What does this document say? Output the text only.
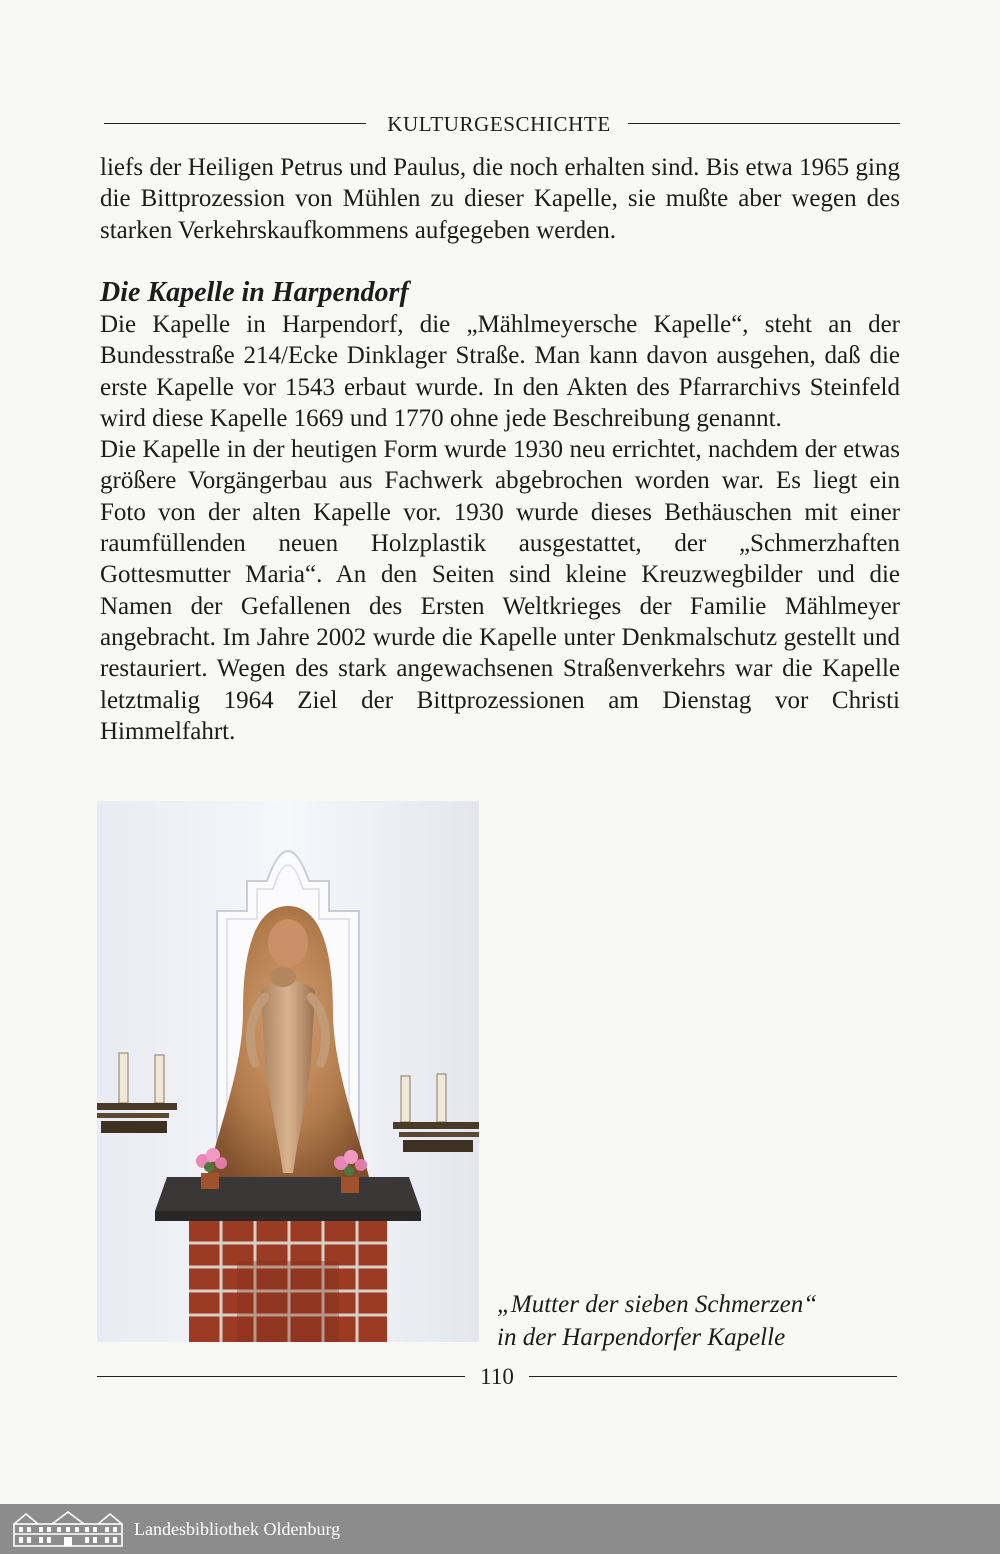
KULTURGESCHICHTE

liefs der Heiligen Petrus und Paulus, die noch erhalten sind. Bis etwa 1965 ging die Bittprozession von Mühlen zu dieser Kapelle, sie mußte aber wegen des starken Verkehrskaufkommens aufgegeben werden.

Die Kapelle in Harpendorf

Die Kapelle in Harpendorf, die „Mählmeyersche Kapelle“, steht an der Bundesstraße 214/Ecke Dinklager Straße. Man kann davon ausgehen, daß die erste Kapelle vor 1543 erbaut wurde. In den Akten des Pfarrarchivs Steinfeld wird diese Kapelle 1669 und 1770 ohne jede Beschreibung genannt.

Die Kapelle in der heutigen Form wurde 1930 neu errichtet, nachdem der etwas größere Vorgängerbau aus Fachwerk abgebrochen worden war. Es liegt ein Foto von der alten Kapelle vor. 1930 wurde dieses Bethäuschen mit einer raumfüllenden neuen Holzplastik ausgestattet, der „Schmerzhaften Gottesmutter Maria“. An den Seiten sind kleine Kreuzwegbilder und die Namen der Gefallenen des Ersten Weltkrieges der Familie Mählmeyer angebracht. Im Jahre 2002 wurde die Kapelle unter Denkmalschutz gestellt und restauriert. Wegen des stark angewachsenen Straßenverkehrs war die Kapelle letztmalig 1964 Ziel der Bittprozessionen am Dienstag vor Christi Himmelfahrt.

„Mutter der sieben Schmerzen“
in der Harpendorfer Kapelle
110
Landesbibliothek Oldenburg
